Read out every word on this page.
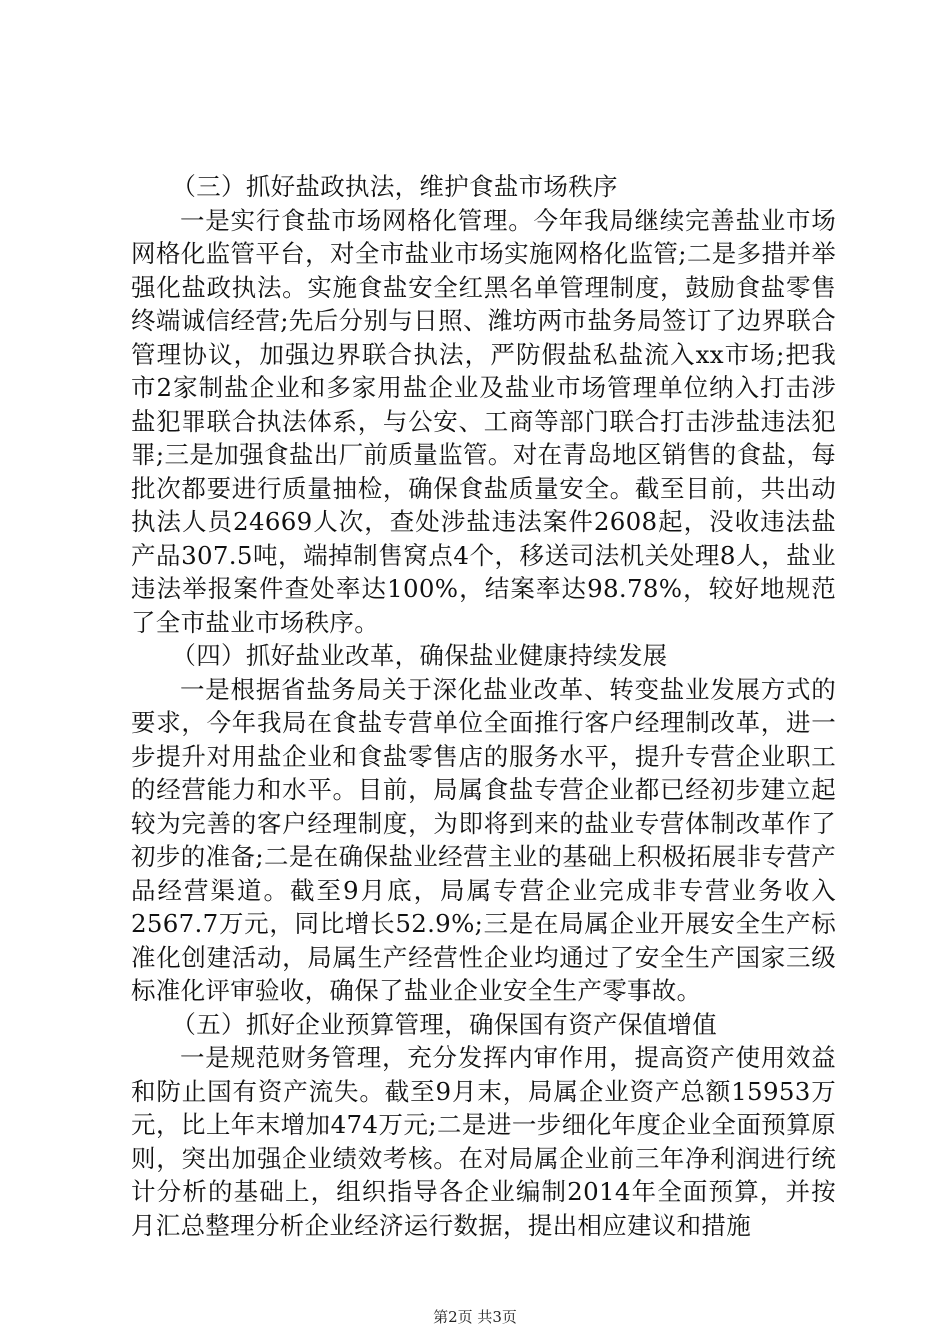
（三）抓好盐政执法，维护食盐市场秩序

一是实行食盐市场网格化管理。今年我局继续完善盐业市场网格化监管平台，对全市盐业市场实施网格化监管;二是多措并举强化盐政执法。实施食盐安全红黑名单管理制度，鼓励食盐零售终端诚信经营;先后分别与日照、潍坊两市盐务局签订了边界联合管理协议，加强边界联合执法，严防假盐私盐流入xx市场;把我市2家制盐企业和多家用盐企业及盐业市场管理单位纳入打击涉盐犯罪联合执法体系，与公安、工商等部门联合打击涉盐违法犯罪;三是加强食盐出厂前质量监管。对在青岛地区销售的食盐，每批次都要进行质量抽检，确保食盐质量安全。截至目前，共出动执法人员24669人次，查处涉盐违法案件2608起，没收违法盐产品307.5吨，端掉制售窝点4个，移送司法机关处理8人，盐业违法举报案件查处率达100%，结案率达98.78%，较好地规范了全市盐业市场秩序。

（四）抓好盐业改革，确保盐业健康持续发展

一是根据省盐务局关于深化盐业改革、转变盐业发展方式的要求，今年我局在食盐专营单位全面推行客户经理制改革，进一步提升对用盐企业和食盐零售店的服务水平，提升专营企业职工的经营能力和水平。目前，局属食盐专营企业都已经初步建立起较为完善的客户经理制度，为即将到来的盐业专营体制改革作了初步的准备;二是在确保盐业经营主业的基础上积极拓展非专营产品经营渠道。截至9月底，局属专营企业完成非专营业务收入2567.7万元，同比增长52.9%;三是在局属企业开展安全生产标准化创建活动，局属生产经营性企业均通过了安全生产国家三级标准化评审验收，确保了盐业企业安全生产零事故。

（五）抓好企业预算管理，确保国有资产保值增值

一是规范财务管理，充分发挥内审作用，提高资产使用效益和防止国有资产流失。截至9月末，局属企业资产总额15953万元，比上年末增加474万元;二是进一步细化年度企业全面预算原则，突出加强企业绩效考核。在对局属企业前三年净利润进行统计分析的基础上，组织指导各企业编制2014年全面预算，并按月汇总整理分析企业经济运行数据，提出相应建议和措施

第2页 共3页
